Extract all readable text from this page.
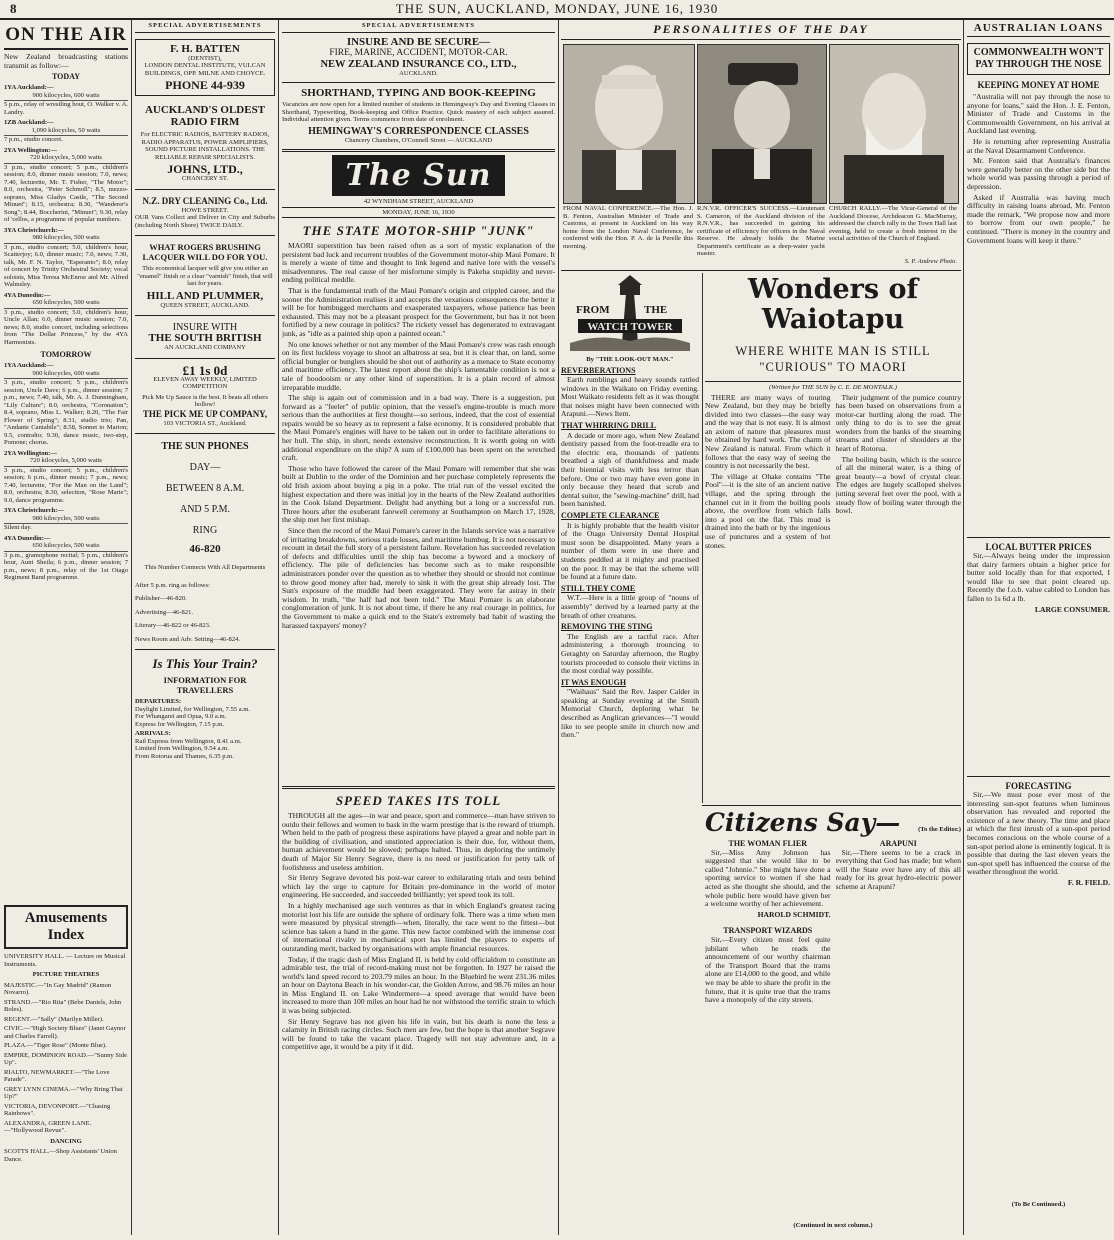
8	THE SUN, AUCKLAND, MONDAY, JUNE 16, 1930
ON THE AIR
New Zealand broadcasting stations transmit as follow:—
TODAY
1YA Auckland:—
900 kilocycles, 600 watts
5 p.m., relay of wrestling bout, O. Walker v. A. Landry.
1ZB Auckland:—
1,090 kilocycles, 50 watts
7 p.m., studio concert.
2YA Wellington:—
720 kilocycles, 5,000 watts
3 p.m., studio concert; 5 p.m., children's session; 8.0, dinner music session; 7.0, news; 7.40, lecturette, Mr. T. Fisher, "The Motor"; 8.0, orchestra, "Peter Schmoll"; 8.5, mezzo-soprano, Miss Gladys Castle, "The Second Minuet"; 8.15, orchestra; 8.30, "Wanderer's Song"; 8.44, Boccherini, "Minuet"; 9.30, relay of 'cellos, a programme of popular numbers.
3YA Christchurch:—
980 kilocycles, 500 watts
3 p.m., studio concert; 5.0, children's hour, Scatterjoy; 6.0, dinner music; 7.0, news; 7.30, talk, Mr. F. N. Taylor, "Esperanto"; 8.0, relay of concert by Trinity Orchestral Society; vocal soloists, Miss Teresa McEnroe and Mr. Alfred Walmsley.
4YA Dunedin:—
650 kilocycles, 500 watts
3 p.m., studio concert; 5.0, children's hour, Uncle Allan; 6.0, dinner music session; 7.0, news; 8.0, studio concert, including selections from "The Dollar Princess," by the 4YA Harmonists.
TOMORROW
1YA Auckland:—
900 kilocycles, 600 watts
3 p.m., studio concert; 5 p.m., children's session, Uncle Dave; 6 p.m., dinner session; 7 p.m., news; 7.40, talk, Mr. A. J. Dunningham, "Lily Culture"; 8.0, orchestra, "Coronation"; 8.4, soprano, Miss L. Walker; 8.20, "The Fair Flower of Spring"; 8.31, studio trio; Pan, "Andante Cantabile"; 8.58, Sonnet to Marion; 9.5, contralto; 9.30, dance music, two-step, Pomone; chorus.
2YA Wellington:—
720 kilocycles, 5,000 watts
3 p.m., studio concert; 5 p.m., children's session; 6 p.m., dinner music; 7 p.m., news; 7.40, lecturette, "For the Man on the Land"; 8.0, orchestra; 8.30, selection, "Rose Marie"; 9.0, dance programme.
3YA Christchurch:—
980 kilocycles, 500 watts
Silent day.
4YA Dunedin:—
650 kilocycles, 500 watts
3 p.m., gramophone recital; 5 p.m., children's hour, Aunt Sheila; 6 p.m., dinner session; 7 p.m., news; 8 p.m., relay of the 1st Otago Regiment Band programme.
Amusements Index
UNIVERSITY HALL. — Lecture on Musical Instruments.
PICTURE THEATRES
MAJESTIC.—"In Gay Madrid" (Ramon Novarro).
STRAND.—"Rio Rita" (Bebe Daniels, John Boles).
REGENT.—"Sally" (Marilyn Miller).
CIVIC.—"High Society Blues" (Janet Gaynor and Charles Farrell).
PLAZA.—"Tiger Rose" (Monte Blue).
EMPIRE, DOMINION ROAD.—"Sunny Side Up".
RIALTO, NEWMARKET.—"The Love Parade".
GREY LYNN CINEMA.—"Why Bring That Up?"
VICTORIA, DEVONPORT.—"Chasing Rainbows".
ALEXANDRA, GREEN LANE.—"Hollywood Revue".
DANCING
SCOTTS HALL.—Shop Assistants' Union Dance.
SPECIAL ADVERTISEMENTS
F. H. BATTEN
(DENTIST),
LONDON DENTAL INSTITUTE, VULCAN BUILDINGS, OPP. MILNE AND CHOYCE.
PHONE 44-939
AUCKLAND'S OLDEST RADIO FIRM
For ELECTRIC RADIOS, BATTERY RADIOS, RADIO APPARATUS, POWER AMPLIFIERS, SOUND PICTURE INSTALLATIONS. THE RELIABLE REPAIR SPECIALISTS.
JOHNS, LTD.,
CHANCERY ST.
N.Z. DRY CLEANING Co., Ltd.
HOWE STREET.
OUR Vans Collect and Deliver in City and Suburbs (including North Shore) TWICE DAILY.
WHAT ROGERS BRUSHING LACQUER WILL DO FOR YOU.
This economical lacquer will give you either an "enamel" finish or a clear "varnish" finish, that will last for years.
HILL AND PLUMMER,
QUEEN STREET, AUCKLAND.
INSURE WITH
THE SOUTH BRITISH
AN AUCKLAND COMPANY
£1 1s 0d
ELEVEN AWAY WEEKLY, LIMITED COMPETITION
Pick Me Up Sauce is the best. It beats all others hollow!
THE PICK ME UP COMPANY,
103 VICTORIA ST., Auckland.
THE SUN PHONES
DAY—
BETWEEN 8 A.M.
AND 5 P.M.
RING
46-820
This Number Connects With All Departments
After 5 p.m. ring as follows:
Publisher—46-820.
Advertising—46-821.
Literary—46-822 or 46-823.
News Room and Adv. Setting—46-824.
Is This Your Train?
INFORMATION FOR TRAVELLERS
DEPARTURES:
Daylight Limited, for Wellington, 7.55 a.m.
For Whangarei and Opua, 9.0 a.m.
Express for Wellington, 7.15 p.m.
ARRIVALS:
Rail Express from Wellington, 8.41 a.m.
Limited from Wellington, 9.54 a.m.
From Rotorua and Thames, 6.35 p.m.
SPECIAL ADVERTISEMENTS
INSURE AND BE SECURE—
FIRE, MARINE, ACCIDENT, MOTOR-CAR.
NEW ZEALAND INSURANCE CO., LTD.,
AUCKLAND.
SHORTHAND, TYPING AND BOOK-KEEPING
Vacancies are now open for a limited number of students in Hemingway's Day and Evening Classes in Shorthand, Typewriting, Book-keeping and Office Practice. Quick mastery of each subject assured. Individual attention given. Terms commence from date of enrolment.
HEMINGWAY'S CORRESPONDENCE CLASSES
Chancery Chambers, O'Connell Street — AUCKLAND
The Sun
42 WYNDHAM STREET, AUCKLAND
MONDAY, JUNE 16, 1930
THE STATE MOTOR-SHIP "JUNK"

MAORI superstition has been raised often as a sort of mystic explanation of the persistent bad luck and recurrent troubles of the Government motor-ship Maui Pomare. It is merely a waste of time and thought to link legend and native lore with the vessel's misadventures. The real cause of her misfortune simply is Pakeha stupidity and never-ending political meddle.

That is the fundamental truth of the Maui Pomare's origin and crippled career, and the sooner the Administration realises it and accepts the vexatious consequences the better it will be for humbugged merchants and exasperated taxpayers, whose patience has been exhausted. This may not be a pleasant prospect for the Government, but has it not been fortified by a new courage in politics? The rickety vessel has degenerated to extravagant junk, as "idle as a painted ship upon a painted ocean."

No one knows whether or not any member of the Maui Pomare's crew was rash enough on its first luckless voyage to shoot an albatross at sea, but it is clear that, on land, some official bungler or bunglers should be shot out of authority as a menace to State economy and maritime efficiency. The latest report about the ship's lamentable condition is not a tale of hoodooism or any other kind of superstition. It is a plain record of almost irreparable muddle.

The ship is again out of commission and in a bad way. There is a suggestion, put forward as a "feeler" of public opinion, that the vessel's engine-trouble is much more serious than the authorities at first thought—so serious, indeed, that the cost of essential repairs would be so heavy as to represent a false economy. It is considered probable that the Maui Pomare's engines will have to be taken out in order to facilitate alterations to her hull. The ship, in short, needs extensive reconstruction. It is worth going on with additional expenditure on the ship? A sum of £100,000 has been spent on the wretched craft.

Those who have followed the career of the Maui Pomare will remember that she was built at Dublin to the order of the Dominion and her purchase completely represents the old Irish axiom about buying a pig in a poke. The trial run of the vessel excited the highest expectation and there was initial joy in the hearts of the New Zealand authorities in the Cook Island Department. Delight had anything but a long or a successful run. Three hours after the exuberant farewell ceremony at Southampton on March 17, 1928, the ship met her first mishap.

Since then the record of the Maui Pomare's career in the Islands service was a narrative of irritating breakdowns, serious trade losses, and maritime humbug. It is not necessary to recount in detail the full story of a persistent failure. Revelation has succeeded revelation of defects and difficulties until the ship has become a byword and a mockery of efficiency. The pile of deficiencies has become such as to make responsible administrators ponder over the question as to whether they should or should not continue to throw good money after bad, merely to sink it with the great ship already lost. The Sun's exposure of the muddle had been exaggerated. They were far astray in their wisdom. In truth, "the half had not been told." The Maui Pomare is an elaborate conglomeration of junk. It is not about time, if there be any real courage in politics, for the Government to make a quick end to the State's extremely bad habit of wasting the harassed taxpayers' money?

SPEED TAKES ITS TOLL

THROUGH all the ages—in war and peace, sport and commerce—man have striven to outdo their fellows and women to bask in the warm prestige that is the reward of triumph. When held to the path of progress these aspirations have played a great and noble part in the building of civilisation, and unstinted appreciation is their due, for, without them, human achievement would be slowed; perhaps halted. Thus, in deploring the untimely death of Major Sir Henry Segrave, there is no need or justification for petty talk of foolishness and useless ambition.

Sir Henry Segrave devoted his post-war career to exhilarating trials and tests behind which lay the urge to capture for Britain pre-dominance in the world of motor engineering. He succeeded, and succeeded brilliantly; yet speed took its toll.

In a highly mechanised age such ventures as that in which England's greatest racing motorist lost his life are outside the sphere of ordinary folk. There was a time when men were measured by physical strength—when, literally, the race went to the fittest—but science has taken a hand in the game. This new factor combined with the immense cost of international rivalry in mechanical sport has limited the players to experts of outstanding merit, backed by organisations with ample financial resources.

Today, if the tragic dash of Miss England II. is held by cold officialdom to constitute an admirable test, the trial of record-making must not be forgotten. In 1927 he raised the world's land speed record to 203.79 miles an hour. In the Bluebird he went 231.36 miles an hour on Daytona Beach in his wonder-car, the Golden Arrow, and 98.76 miles an hour in Miss England II. on Lake Windermere—a speed average that would have been increased to more than 100 miles an hour had he not withstood the terrific strain to which it was being subjected.

Sir Henry Segrave has not given his life in vain, but his death is none the less a calamity in British racing circles. Such men are few, but the hope is that another Segrave will be found to take the vacant place. Tragedy will not stay adventure and, in a competitive age, it would be a pity if it did.

PERSONALITIES OF THE DAY
FROM NAVAL CONFERENCE.—The Hon. J. B. Fenton, Australian Minister of Trade and Customs, at present in Auckland on his way home from the London Naval Conference, he conferred with the Hon. P. A. de la Perelle this morning.
R.N.V.R. OFFICER'S SUCCESS.—Lieutenant S. Cameron, of the Auckland division of the R.N.V.R., has succeeded in gaining his certificate of efficiency for officers in the Naval Reserve. He already holds the Marine Department's certificate as a deep-water yacht master.
CHURCH RALLY.—The Vicar-General of the Auckland Diocese, Archdeacon G. MacMurray, addressed the church rally in the Town Hall last evening, held to create a fresh interest in the social activities of the Church of England.
S. P. Andrew Photo.
FROM	THE
WATCH TOWER
By "THE LOOK-OUT MAN."
REVERBERATIONS

Earth rumblings and heavy sounds rattled windows in the Waikato on Friday evening. Most Waikato residents felt as it was thought that noises might have been connected with Arapuni.—News Item.

THAT WHIRRING DRILL

A decade or more ago, when New Zealand dentistry passed from the foot-treadle era to the electric era, thousands of patients breathed a sigh of thankfulness and made their biennial visits with less terror than before. One or two may have even gone in only because they heard that scrub and dental suitor, the "sewing-machine" drill, had been banished.

COMPLETE CLEARANCE

It is highly probable that the health visitor of the Otago University Dental Hospital must soon be disappointed. Many years a number of them were in use there and students peddled at it mighty and practised on the poor. It may be that the scheme will be found at a future date.

STILL THEY COME

W.T.—Here is a little group of "nouns of assembly" derived by a learned party at the breath of other creatures.

REMOVING THE STING

The English are a tactful race. After administering a thorough trouncing to Geraghty on Saturday afternoon, the Rugby tourists proceeded to console their victims in the most cordial way possible.

IT WAS ENOUGH

"Waihaus" Said the Rev. Jasper Calder in speaking at Sunday evening at the Smith Memorial Church, deploring what he described as Anglican grievances—"I would like to see people smile in church now and then."

Wonders of Waiotapu
WHERE WHITE MAN IS STILL "CURIOUS" TO MAORI
(Written for THE SUN by C. E. DE MONTALK.)

THERE are many ways of touring New Zealand, but they may be briefly divided into two classes—the easy way and the way that is not easy. It is almost an axiom of nature that pleasures must be obtained by hard work. The charm of New Zealand is natural. From which it follows that the easy way of seeing the country is not necessarily the best.

The village at Ohake contains "The Pool"—it is the site of an ancient native village, and the spring through the channel cut in it from the boiling pools above, the overflow from which falls into a pool on the flat. This mud is drained into the bath or by the ingenious use of punctures and a system of hot stones.

Their judgment of the pumice country has been based on observations from a motor-car hurtling along the road. The only thing to do is to see the great wonders from the banks of the steaming streams and cluster of shoulders at the heart of Rotorua.

The boiling basin, which is the source of all the mineral water, is a thing of great beauty—a bowl of crystal clear. The edges are hugely scalloped shelves jutting several feet over the pool, with a steady flow of boiling water through the bowl.

Citizens Say—	(To the Editor.)
THE WOMAN FLIER

Sir,—Miss Amy Johnson has suggested that she would like to be called "Johnnie." She might have done a sporting service to women if she had acted as she thought she should, and the whole public here would have given her a welcome worthy of her achievement.

HAROLD SCHMIDT.
TRANSPORT WIZARDS

Sir,—Every citizen must feel quite jubilant when he reads the announcement of our worthy chairman of the Transport Board that the trams alone are £14,000 to the good, and while we may be able to share the profit in the future, that it is quite true that the trams have a monopoly of the city streets.

ARAPUNI

Sir,—There seems to be a crack in everything that God has made; but when will the State ever have any of this all ready for its great hydro-electric power scheme at Arapuni?

(Continued in next column.)
AUSTRALIAN LOANS
COMMONWEALTH WON'T PAY THROUGH THE NOSE
KEEPING MONEY AT HOME

"Australia will not pay through the nose to anyone for loans," said the Hon. J. E. Fenton, Minister of Trade and Customs in the Commonwealth Government, on his arrival at Auckland last evening.

He is returning after representing Australia at the Naval Disarmament Conference.

Mr. Fenton said that Australia's finances were generally better on the other side but the whole world was passing through a period of depression.

Asked if Australia was having much difficulty in raising loans abroad, Mr. Fenton made the remark, "We propose now and more to borrow from our own people," he continued. "There is money in the country and Government loans will keep it there."

LOCAL BUTTER PRICES

Sir,—Always being under the impression that dairy farmers obtain a higher price for butter sold locally than for that exported, I would like to see that point cleared up. Recently the f.o.b. value cabled to London has fallen to 1s 6d a lb.

LARGE CONSUMER.
FORECASTING

Sir,—We must pose ever most of the interesting sun-spot features when luminous observation has revealed and reported the existence of a new theory. The time and place at which the first inrush of a sun-spot period becomes conscious on the whole course of a sun-spot period alone is eminently logical. It is possible that during the last eleven years the sun-spot spell has influenced the course of the weather throughout the world.

F. R. FIELD.
(To Be Continued.)
